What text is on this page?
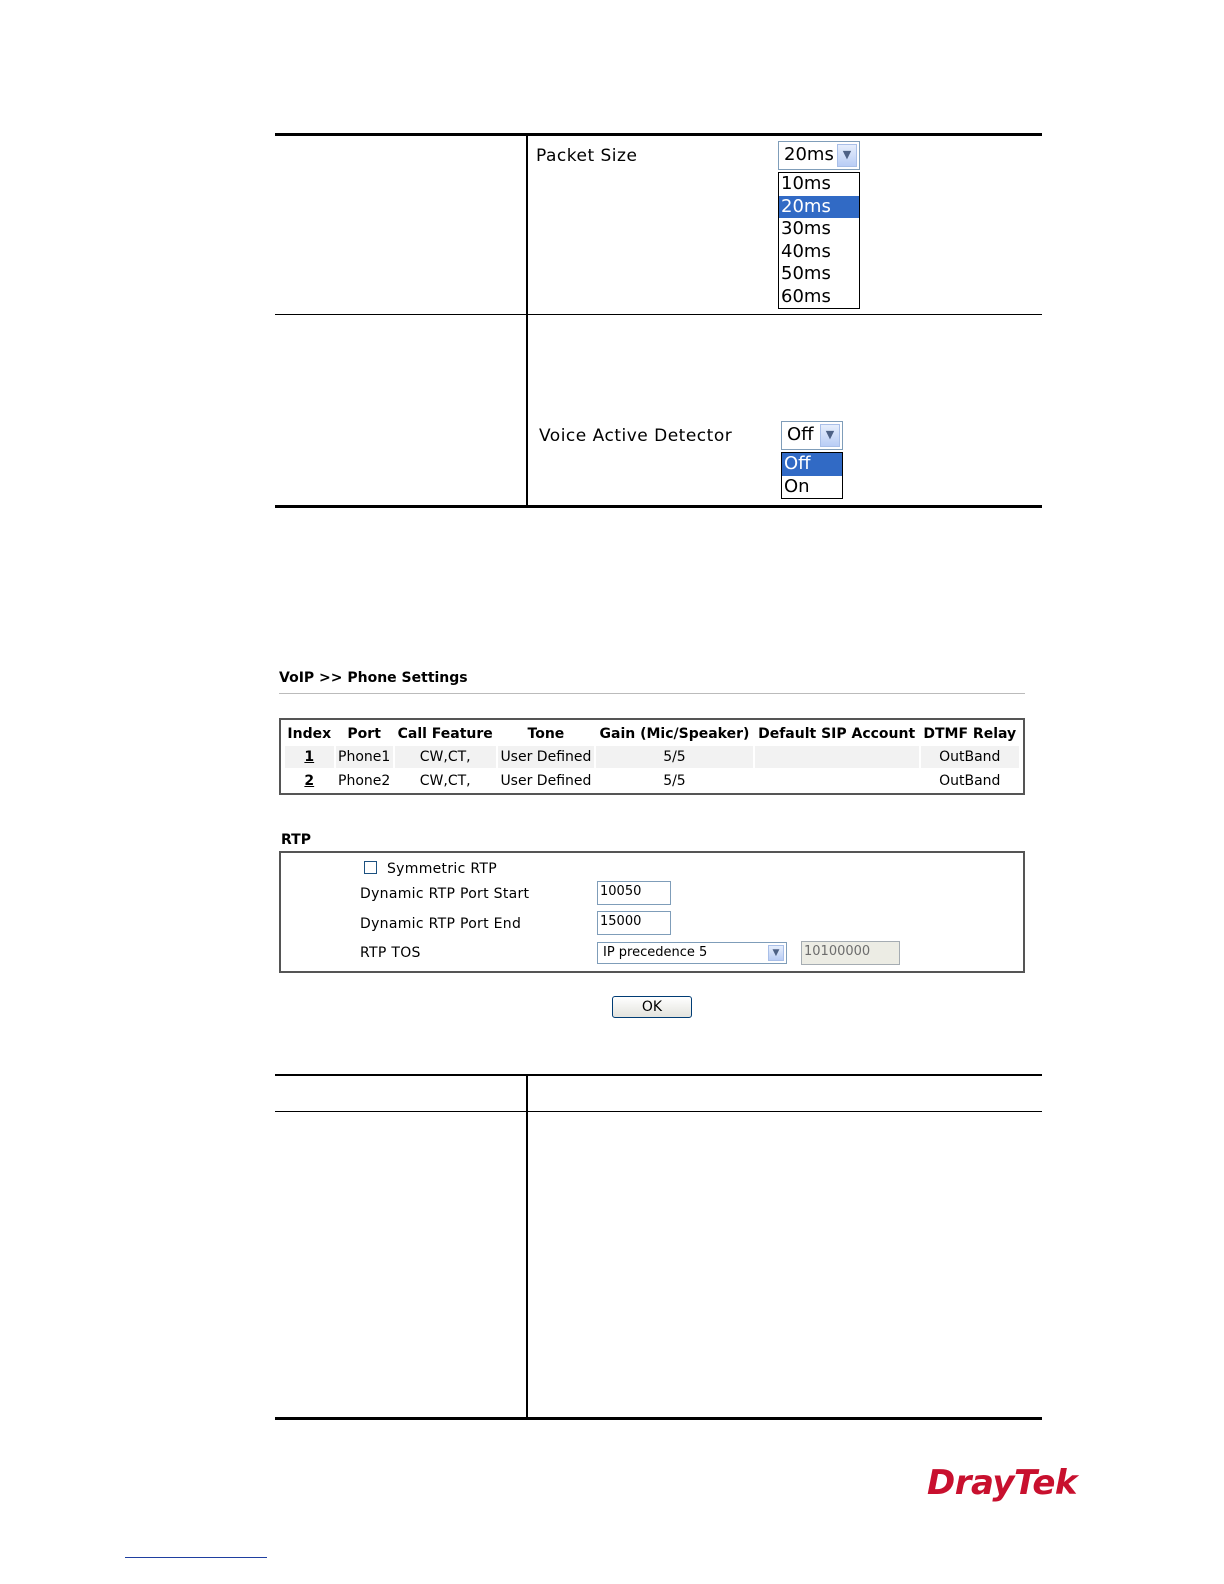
Packet Size	20ms ▼
10ms
20ms
30ms
40ms
50ms
60ms
Voice Active Detector	Off	▼
Off
On
VoIP >> Phone Settings
Index	Port	Call Feature	Tone	Gain (Mic/Speaker)	Default SIP Account	DTMF Relay
1	Phone1	CW,CT,	User Defined	5/5		OutBand
2	Phone2	CW,CT,	User Defined	5/5		OutBand
RTP
Symmetric RTP
Dynamic RTP Port Start	10050
Dynamic RTP Port End	15000
RTP TOS	IP precedence 5	▼	10100000
OK
DrayTek
